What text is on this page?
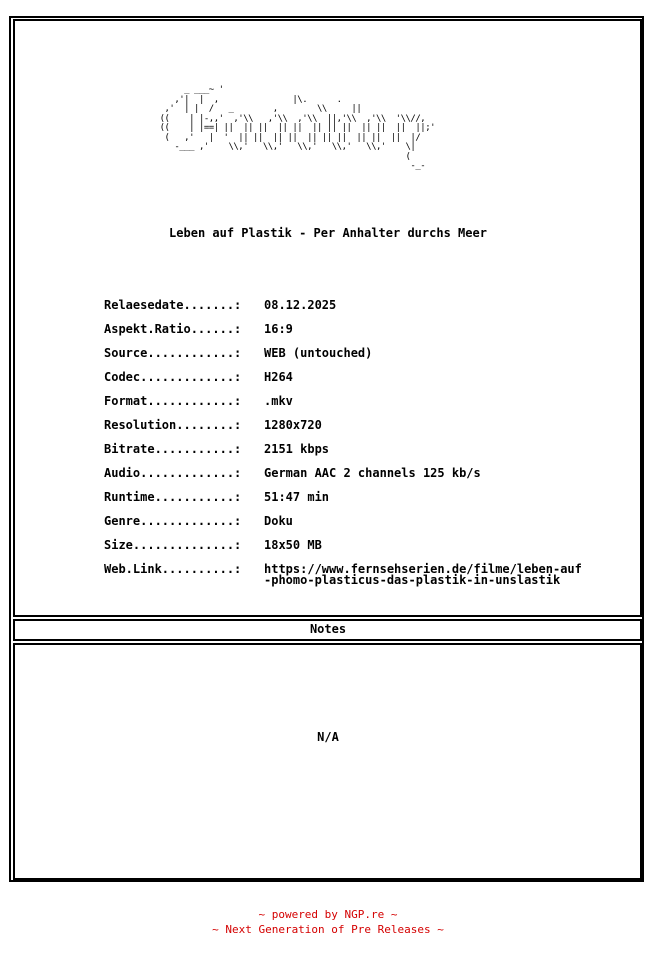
_ ___~ '
,'|  |  ,               |\.      .
,'  | |  /   _        ,        \\     ||
((    | |-,,'  ,'\\   ,'\\  ,'\\  ||,'\\  ,'\\  '\\//,
((    | |==| ||  || ||  || ||  || || ||  || ||  ||  ||;'
(   ,'   |  '  || ||  || ||  || || ||  || ||  ||  |/
-___ ,'    \\,'   \\,'   \\,'   \\,'   \\,'    \|
(
-_-
Leben auf Plastik - Per Anhalter durchs Meer
Relaesedate.......:	08.12.2025
Aspekt.Ratio......:	16:9
Source............:	WEB (untouched)
Codec.............:	H264
Format............:	.mkv
Resolution........:	1280x720
Bitrate...........:	2151 kbps
Audio.............:	German AAC 2 channels 125 kb/s
Runtime...........:	51:47 min
Genre.............:	Doku
Size..............:	18x50 MB
Web.Link..........:	https://www.fernsehserien.de/filme/leben-auf
-phomo-plasticus-das-plastik-in-unslastik
Notes
N/A
~ powered by NGP.re ~
~ Next Generation of Pre Releases ~
